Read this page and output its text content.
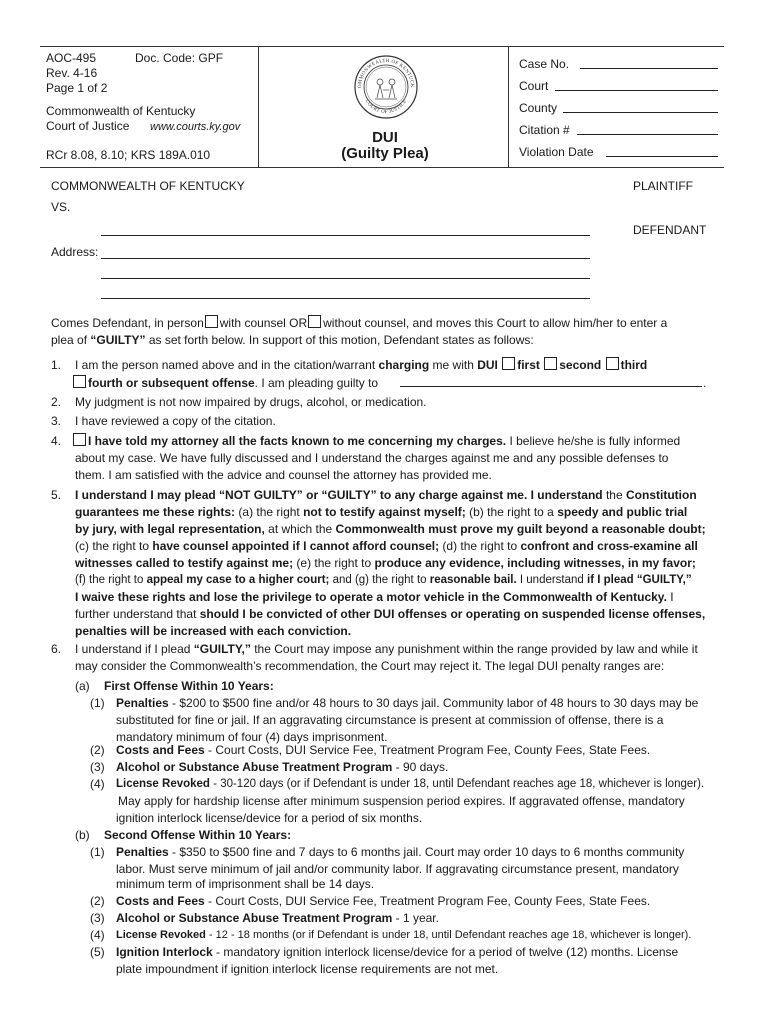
AOC-495	Doc. Code: GPF
Rev. 4-16
Page 1 of 2
Commonwealth of Kentucky
Court of Justice www.courts.ky.gov
RCr 8.08, 8.10; KRS 189A.010
OMMONWEALTH OF KENTUCK
COURT OF JUSTICE
DUI
(Guilty Plea)
Case No.
Court
County
Citation #
Violation Date
COMMONWEALTH OF KENTUCKY	PLAINTIFF
VS.
DEFENDANT
Address:
Comes Defendant, in person with counsel OR without counsel, and moves this Court to allow him/her to enter a
plea of “GUILTY” as set forth below. In support of this motion, Defendant states as follows:
1. I am the person named above and in the citation/warrant charging me with DUI first second third
fourth or subsequent offense. I am pleading guilty to	.
2. My judgment is not now impaired by drugs, alcohol, or medication.
3. I have reviewed a copy of the citation.
4.	I have told my attorney all the facts known to me concerning my charges. I believe he/she is fully informed
about my case. We have fully discussed and I understand the charges against me and any possible defenses to
them. I am satisfied with the advice and counsel the attorney has provided me.
5. I understand I may plead “NOT GUILTY” or “GUILTY” to any charge against me. I understand the Constitution
guarantees me these rights: (a) the right not to testify against myself; (b) the right to a speedy and public trial
by jury, with legal representation, at which the Commonwealth must prove my guilt beyond a reasonable doubt;
(c) the right to have counsel appointed if I cannot afford counsel; (d) the right to confront and cross-examine all
witnesses called to testify against me; (e) the right to produce any evidence, including witnesses, in my favor;
(f) the right to appeal my case to a higher court; and (g) the right to reasonable bail. I understand if I plead “GUILTY,”
I waive these rights and lose the privilege to operate a motor vehicle in the Commonwealth of Kentucky. I
further understand that should I be convicted of other DUI offenses or operating on suspended license offenses,
penalties will be increased with each conviction.
6. I understand if I plead “GUILTY,” the Court may impose any punishment within the range provided by law and while it
may consider the Commonwealth’s recommendation, the Court may reject it. The legal DUI penalty ranges are:
(a) First Offense Within 10 Years:
(1) Penalties - $200 to $500 fine and/or 48 hours to 30 days jail. Community labor of 48 hours to 30 days may be
substituted for fine or jail. If an aggravating circumstance is present at commission of offense, there is a
mandatory minimum of four (4) days imprisonment.
(2) Costs and Fees - Court Costs, DUI Service Fee, Treatment Program Fee, County Fees, State Fees.
(3) Alcohol or Substance Abuse Treatment Program - 90 days.
(4) License Revoked - 30-120 days (or if Defendant is under 18, until Defendant reaches age 18, whichever is longer).
May apply for hardship license after minimum suspension period expires. If aggravated offense, mandatory
ignition interlock license/device for a period of six months.
(b) Second Offense Within 10 Years:
(1) Penalties - $350 to $500 fine and 7 days to 6 months jail. Court may order 10 days to 6 months community
labor. Must serve minimum of jail and/or community labor. If aggravating circumstance present, mandatory
minimum term of imprisonment shall be 14 days.
(2) Costs and Fees - Court Costs, DUI Service Fee, Treatment Program Fee, County Fees, State Fees.
(3) Alcohol or Substance Abuse Treatment Program - 1 year.
(4) License Revoked - 12 - 18 months (or if Defendant is under 18, until Defendant reaches age 18, whichever is longer).
(5) Ignition Interlock - mandatory ignition interlock license/device for a period of twelve (12) months. License
plate impoundment if ignition interlock license requirements are not met.
